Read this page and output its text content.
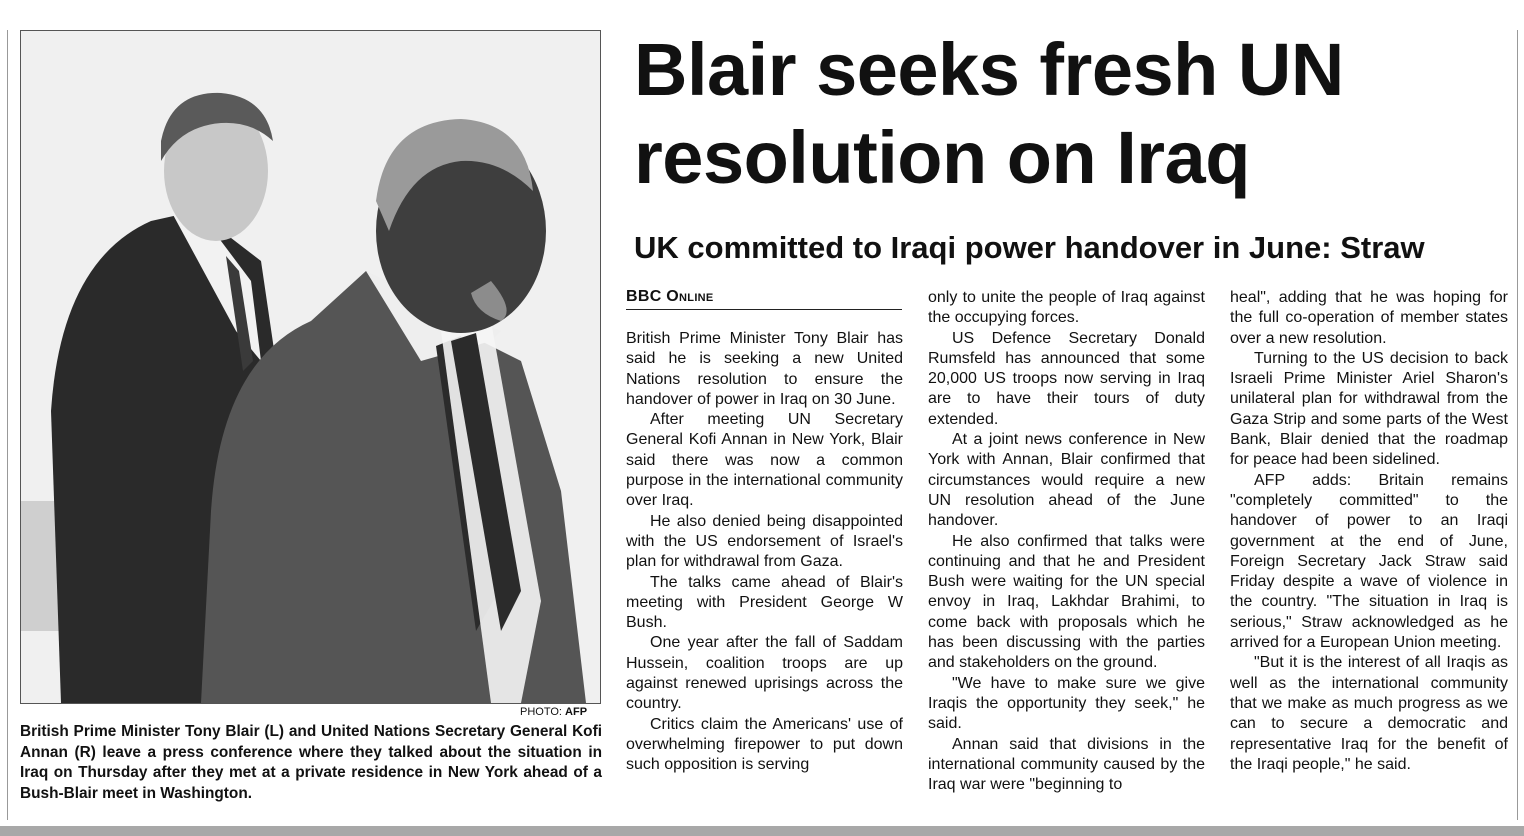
PHOTO: AFP
British Prime Minister Tony Blair (L) and United Nations Secretary General Kofi Annan (R) leave a press conference where they talked about the situation in Iraq on Thursday after they met at a private residence in New York ahead of a Bush-Blair meet in Washington.
Blair seeks fresh UN resolution on Iraq
UK committed to Iraqi power handover in June: Straw
BBC Online

British Prime Minister Tony Blair has said he is seeking a new United Nations resolution to ensure the handover of power in Iraq on 30 June.

After meeting UN Secretary General Kofi Annan in New York, Blair said there was now a common purpose in the international community over Iraq.

He also denied being disappointed with the US endorsement of Israel's plan for withdrawal from Gaza.

The talks came ahead of Blair's meeting with President George W Bush.

One year after the fall of Saddam Hussein, coalition troops are up against renewed uprisings across the country.

Critics claim the Americans' use of overwhelming firepower to put down such opposition is serving

only to unite the people of Iraq against the occupying forces.

US Defence Secretary Donald Rumsfeld has announced that some 20,000 US troops now serving in Iraq are to have their tours of duty extended.

At a joint news conference in New York with Annan, Blair confirmed that circumstances would require a new UN resolution ahead of the June handover.

He also confirmed that talks were continuing and that he and President Bush were waiting for the UN special envoy in Iraq, Lakhdar Brahimi, to come back with proposals which he has been discussing with the parties and stakeholders on the ground.

"We have to make sure we give Iraqis the opportunity they seek," he said.

Annan said that divisions in the international community caused by the Iraq war were "beginning to

heal", adding that he was hoping for the full co-operation of member states over a new resolution.

Turning to the US decision to back Israeli Prime Minister Ariel Sharon's unilateral plan for withdrawal from the Gaza Strip and some parts of the West Bank, Blair denied that the roadmap for peace had been sidelined.

AFP adds: Britain remains "completely committed" to the handover of power to an Iraqi government at the end of June, Foreign Secretary Jack Straw said Friday despite a wave of violence in the country. "The situation in Iraq is serious," Straw acknowledged as he arrived for a European Union meeting.

"But it is the interest of all Iraqis as well as the international community that we make as much progress as we can to secure a democratic and representative Iraq for the benefit of the Iraqi people," he said.
